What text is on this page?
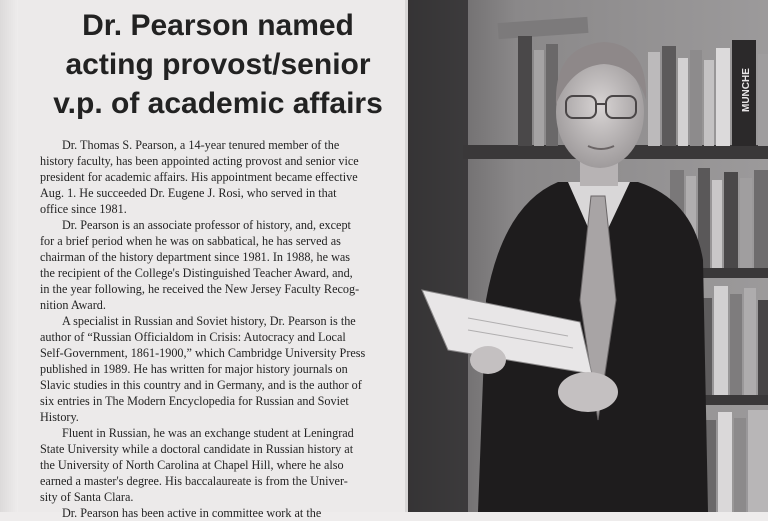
Dr. Pearson named
acting provost/senior
v.p. of academic affairs
Dr. Thomas S. Pearson, a 14-year tenured member of the
history faculty, has been appointed acting provost and senior vice
president for academic affairs. His appointment became effective
Aug. 1. He succeeded Dr. Eugene J. Rosi, who served in that
office since 1981.
Dr. Pearson is an associate professor of history, and, except
for a brief period when he was on sabbatical, he has served as
chairman of the history department since 1981. In 1988, he was
the recipient of the College's Distinguished Teacher Award, and,
in the year following, he received the New Jersey Faculty Recog-
nition Award.
A specialist in Russian and Soviet history, Dr. Pearson is the
author of “Russian Officialdom in Crisis: Autocracy and Local
Self-Government, 1861-1900,” which Cambridge University Press
published in 1989. He has written for major history journals on
Slavic studies in this country and in Germany, and is the author of
six entries in The Modern Encyclopedia for Russian and Soviet
History.
Fluent in Russian, he was an exchange student at Leningrad
State University while a doctoral candidate in Russian history at
the University of North Carolina at Chapel Hill, where he also
earned a master's degree. His baccalaureate is from the Univer-
sity of Santa Clara.
Dr. Pearson has been active in committee work at the
MUNCHE
